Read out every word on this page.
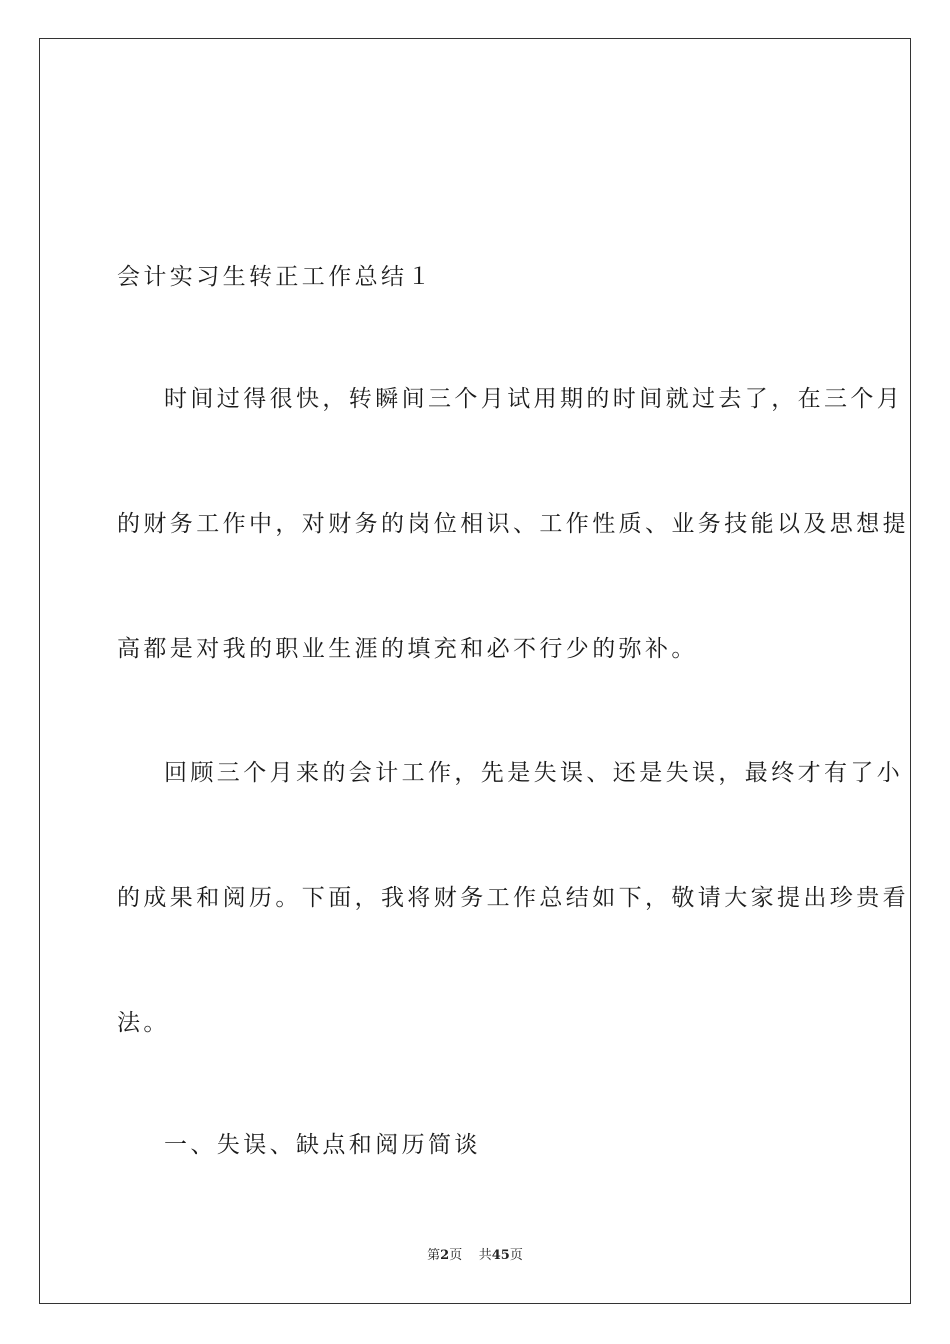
会计实习生转正工作总结１
时间过得很快，转瞬间三个月试用期的时间就过去了，在三个月
的财务工作中，对财务的岗位相识、工作性质、业务技能以及思想提
高都是对我的职业生涯的填充和必不行少的弥补。
回顾三个月来的会计工作，先是失误、还是失误，最终才有了小
的成果和阅历。下面，我将财务工作总结如下，敬请大家提出珍贵看
法。
一、失误、缺点和阅历简谈
第2页 共45页
